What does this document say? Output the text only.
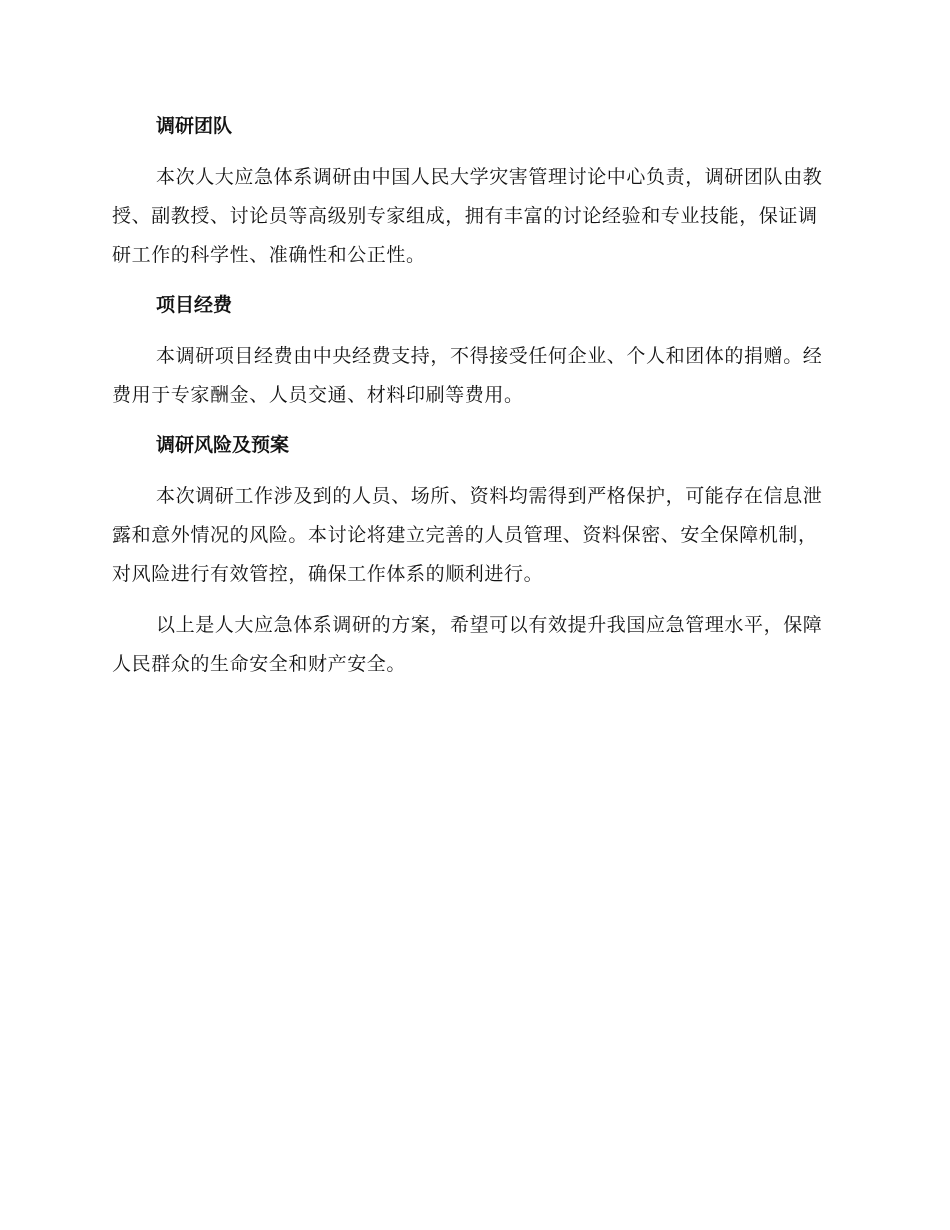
调研团队

本次人大应急体系调研由中国人民大学灾害管理讨论中心负责，调研团队由教授、副教授、讨论员等高级别专家组成，拥有丰富的讨论经验和专业技能，保证调研工作的科学性、准确性和公正性。

项目经费

本调研项目经费由中央经费支持，不得接受任何企业、个人和团体的捐赠。经费用于专家酬金、人员交通、材料印刷等费用。

调研风险及预案

本次调研工作涉及到的人员、场所、资料均需得到严格保护，可能存在信息泄露和意外情况的风险。本讨论将建立完善的人员管理、资料保密、安全保障机制，对风险进行有效管控，确保工作体系的顺利进行。

以上是人大应急体系调研的方案，希望可以有效提升我国应急管理水平，保障人民群众的生命安全和财产安全。
